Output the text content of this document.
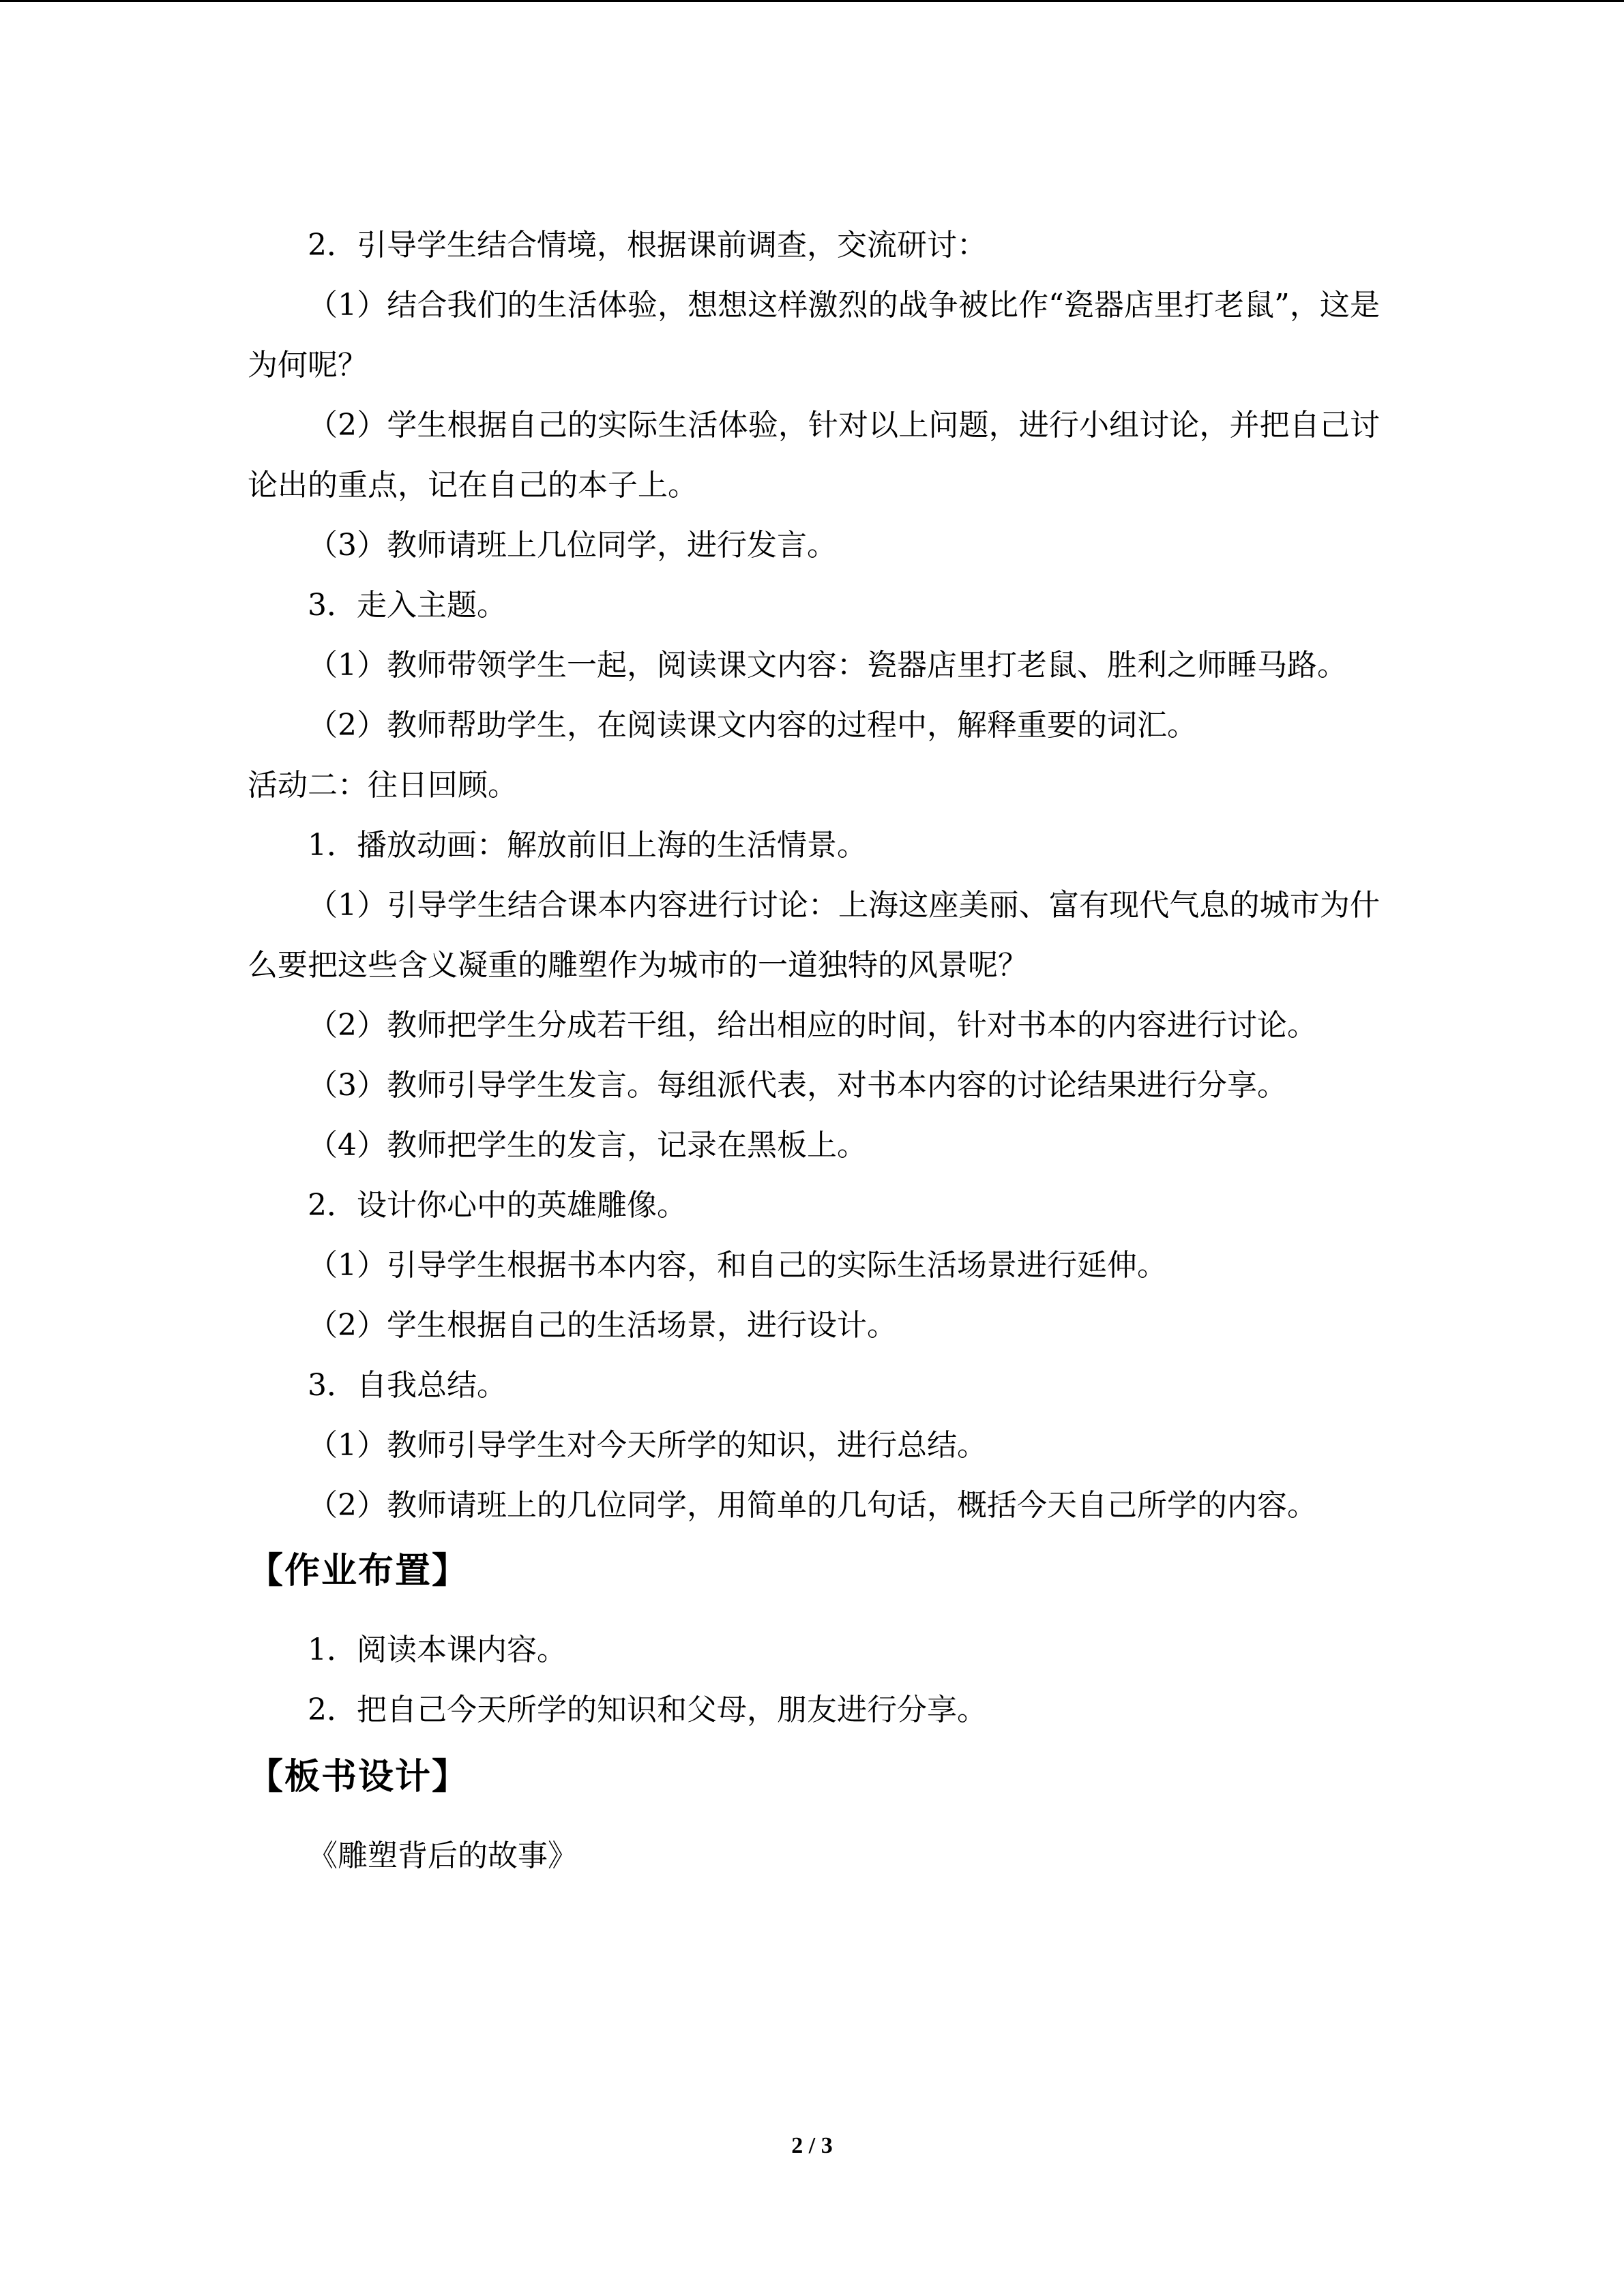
2．引导学生结合情境，根据课前调查，交流研讨：

（1）结合我们的生活体验，想想这样激烈的战争被比作“瓷器店里打老鼠”，这是为何呢？

（2）学生根据自己的实际生活体验，针对以上问题，进行小组讨论，并把自己讨论出的重点，记在自己的本子上。

（3）教师请班上几位同学，进行发言。

3．走入主题。

（1）教师带领学生一起，阅读课文内容：瓷器店里打老鼠、胜利之师睡马路。

（2）教师帮助学生，在阅读课文内容的过程中，解释重要的词汇。

活动二：往日回顾。

1．播放动画：解放前旧上海的生活情景。

（1）引导学生结合课本内容进行讨论：上海这座美丽、富有现代气息的城市为什么要把这些含义凝重的雕塑作为城市的一道独特的风景呢？

（2）教师把学生分成若干组，给出相应的时间，针对书本的内容进行讨论。

（3）教师引导学生发言。每组派代表，对书本内容的讨论结果进行分享。

（4）教师把学生的发言，记录在黑板上。

2．设计你心中的英雄雕像。

（1）引导学生根据书本内容，和自己的实际生活场景进行延伸。

（2）学生根据自己的生活场景，进行设计。

3．自我总结。

（1）教师引导学生对今天所学的知识，进行总结。

（2）教师请班上的几位同学，用简单的几句话，概括今天自己所学的内容。

【作业布置】

1．阅读本课内容。

2．把自己今天所学的知识和父母，朋友进行分享。

【板书设计】

《雕塑背后的故事》

2 / 3
